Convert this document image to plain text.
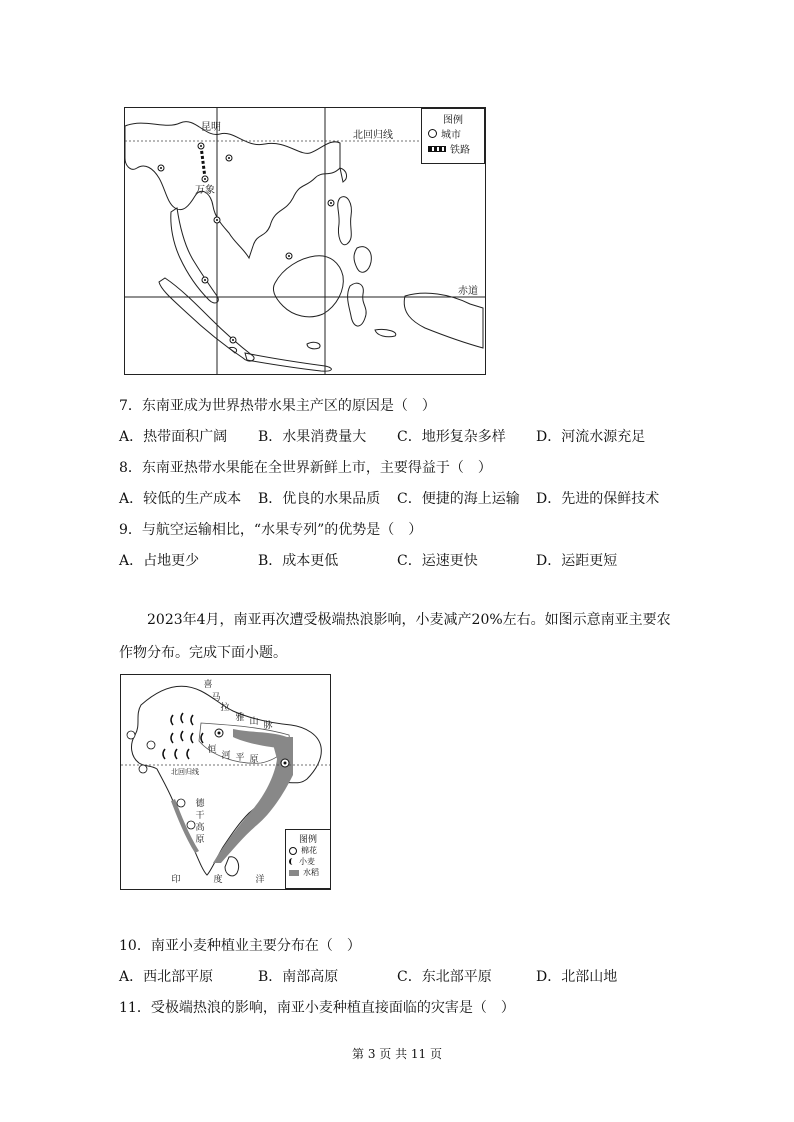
昆明
万象
北回归线
赤道
图例
城市
铁路
7．东南亚成为世界热带水果主产区的原因是（　）
A．热带面积广阔	B．水果消费量大	C．地形复杂多样	D．河流水源充足
8．东南亚热带水果能在全世界新鲜上市，主要得益于（　）
A．较低的生产成本	B．优良的水果品质	C．便捷的海上运输	D．先进的保鲜技术
9．与航空运输相比，“水果专列”的优势是（　）
A．占地更少	B．成本更低	C．运速更快	D．运距更短
2023年4月，南亚再次遭受极端热浪影响，小麦减产20%左右。如图示意南亚主要农作物分布。完成下面小题。
喜
马
拉
雅 山 脉
恒
河 平 原
北回归线
德
干
高
原
印	度	洋
图例
棉花
小麦
水稻
10．南亚小麦种植业主要分布在（　）
A．西北部平原	B．南部高原	C．东北部平原	D．北部山地
11．受极端热浪的影响，南亚小麦种植直接面临的灾害是（　）
第 3 页 共 11 页
